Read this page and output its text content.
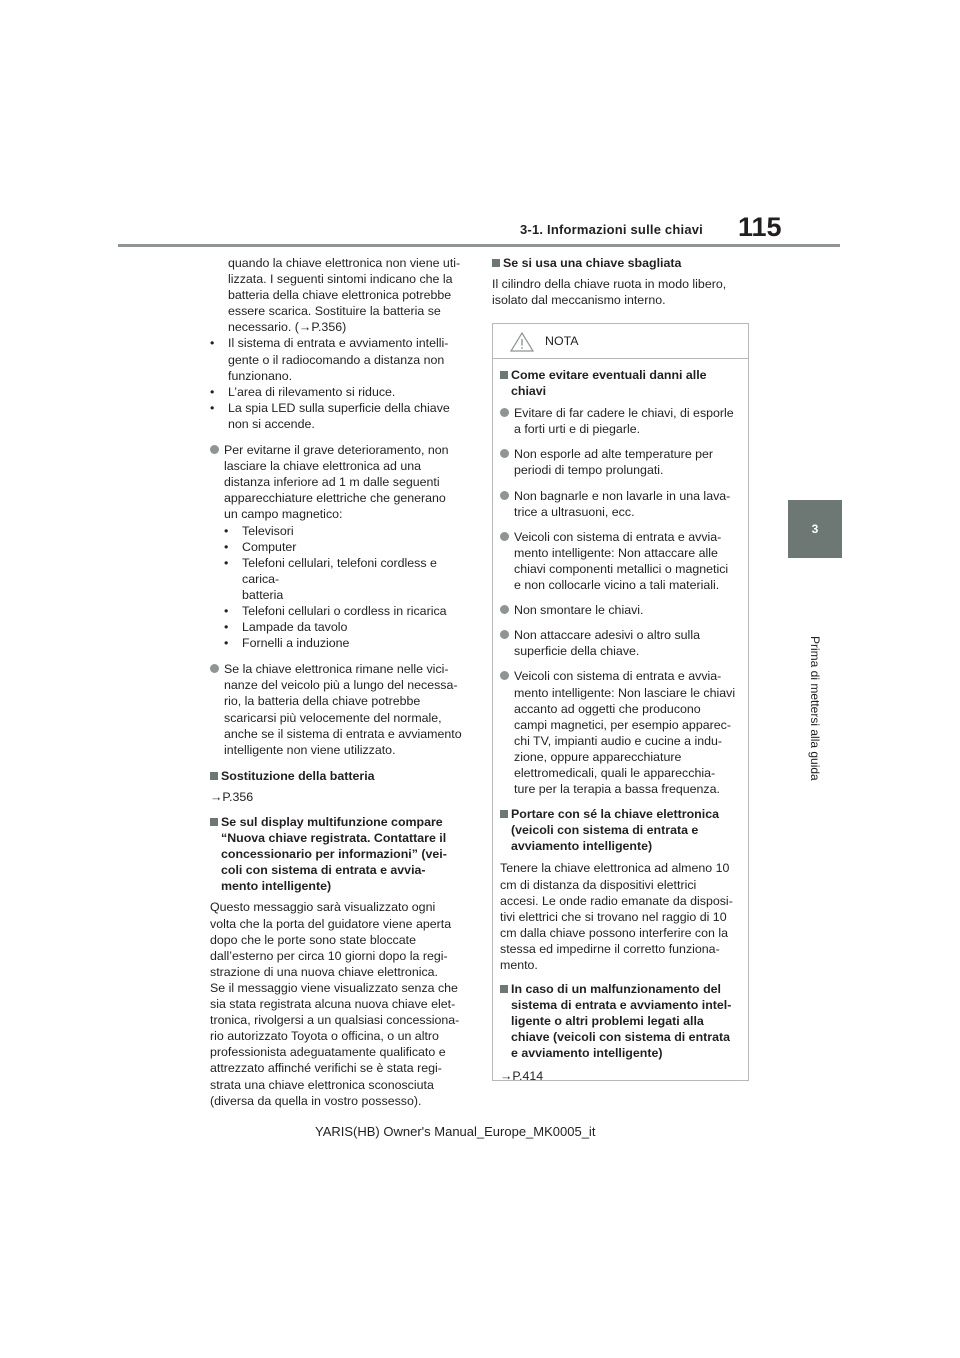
3-1. Informazioni sulle chiavi 115
3
Prima di mettersi alla guida
quando la chiave elettronica non viene uti-
lizzata. I seguenti sintomi indicano che la
batteria della chiave elettronica potrebbe
essere scarica. Sostituire la batteria se
necessario. (→P.356)
•	Il sistema di entrata e avviamento intelli-
gente o il radiocomando a distanza non
funzionano.
•	L’area di rilevamento si riduce.
•	La spia LED sulla superficie della chiave
non si accende.
Per evitarne il grave deterioramento, non
lasciare la chiave elettronica ad una
distanza inferiore ad 1 m dalle seguenti
apparecchiature elettriche che generano
un campo magnetico:
•	Televisori
•	Computer
•	Telefoni cellulari, telefoni cordless e carica-
batteria
•	Telefoni cellulari o cordless in ricarica
•	Lampade da tavolo
•	Fornelli a induzione
Se la chiave elettronica rimane nelle vici-
nanze del veicolo più a lungo del necessa-
rio, la batteria della chiave potrebbe
scaricarsi più velocemente del normale,
anche se il sistema di entrata e avviamento
intelligente non viene utilizzato.
Sostituzione della batteria
→P.356
Se sul display multifunzione compare
“Nuova chiave registrata. Contattare il
concessionario per informazioni” (vei-
coli con sistema di entrata e avvia-
mento intelligente)
Questo messaggio sarà visualizzato ogni
volta che la porta del guidatore viene aperta
dopo che le porte sono state bloccate
dall’esterno per circa 10 giorni dopo la regi-
strazione di una nuova chiave elettronica.
Se il messaggio viene visualizzato senza che
sia stata registrata alcuna nuova chiave elet-
tronica, rivolgersi a un qualsiasi concessiona-
rio autorizzato Toyota o officina, o un altro
professionista adeguatamente qualificato e
attrezzato affinché verifichi se è stata regi-
strata una chiave elettronica sconosciuta
(diversa da quella in vostro possesso).
Se si usa una chiave sbagliata
Il cilindro della chiave ruota in modo libero,
isolato dal meccanismo interno.
NOTA
Come evitare eventuali danni alle
chiavi
Evitare di far cadere le chiavi, di esporle
a forti urti e di piegarle.
Non esporle ad alte temperature per
periodi di tempo prolungati.
Non bagnarle e non lavarle in una lava-
trice a ultrasuoni, ecc.
Veicoli con sistema di entrata e avvia-
mento intelligente: Non attaccare alle
chiavi componenti metallici o magnetici
e non collocarle vicino a tali materiali.
Non smontare le chiavi.
Non attaccare adesivi o altro sulla
superficie della chiave.
Veicoli con sistema di entrata e avvia-
mento intelligente: Non lasciare le chiavi
accanto ad oggetti che producono
campi magnetici, per esempio apparec-
chi TV, impianti audio e cucine a indu-
zione, oppure apparecchiature
elettromedicali, quali le apparecchia-
ture per la terapia a bassa frequenza.
Portare con sé la chiave elettronica
(veicoli con sistema di entrata e
avviamento intelligente)
Tenere la chiave elettronica ad almeno 10
cm di distanza da dispositivi elettrici
accesi. Le onde radio emanate da disposi-
tivi elettrici che si trovano nel raggio di 10
cm dalla chiave possono interferire con la
stessa ed impedirne il corretto funziona-
mento.
In caso di un malfunzionamento del
sistema di entrata e avviamento intel-
ligente o altri problemi legati alla
chiave (veicoli con sistema di entrata
e avviamento intelligente)
→P.414
YARIS(HB) Owner's Manual_Europe_MK0005_it
